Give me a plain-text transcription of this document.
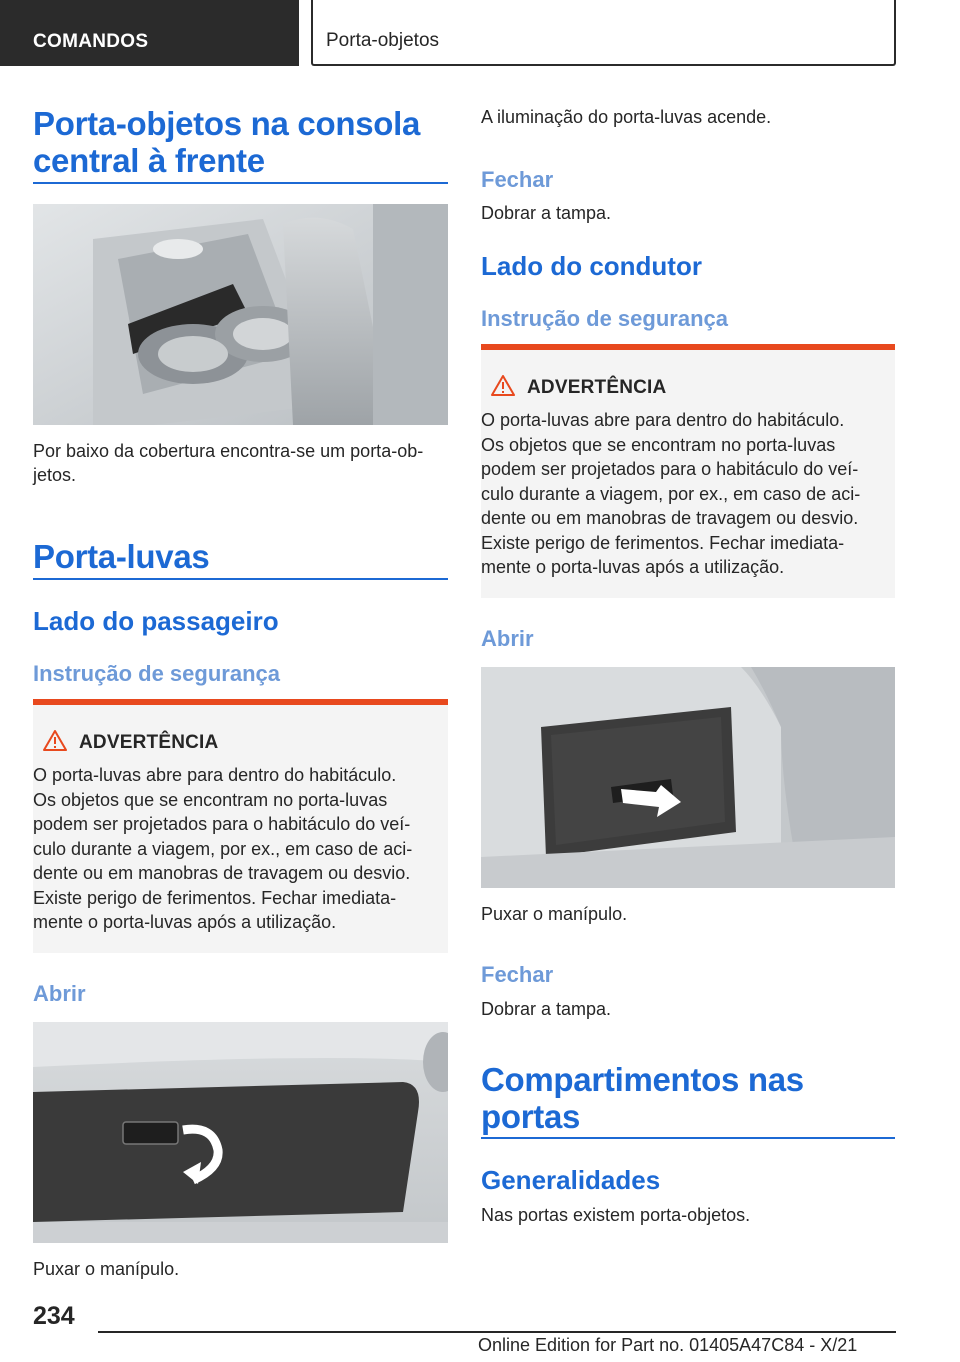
COMANDOS	Porta-objetos
Porta-objetos na consola
central à frente
Por baixo da cobertura encontra-se um porta-ob‐
jetos.
Porta-luvas
Lado do passageiro
Instrução de segurança
ADVERTÊNCIA
O porta-luvas abre para dentro do habitáculo.
Os objetos que se encontram no porta-luvas
podem ser projetados para o habitáculo do veí‐
culo durante a viagem, por ex., em caso de aci‐
dente ou em manobras de travagem ou desvio.
Existe perigo de ferimentos. Fechar imediata‐
mente o porta-luvas após a utilização.
Abrir
Puxar o manípulo.
A iluminação do porta-luvas acende.
Fechar
Dobrar a tampa.
Lado do condutor
Instrução de segurança
ADVERTÊNCIA
O porta-luvas abre para dentro do habitáculo.
Os objetos que se encontram no porta-luvas
podem ser projetados para o habitáculo do veí‐
culo durante a viagem, por ex., em caso de aci‐
dente ou em manobras de travagem ou desvio.
Existe perigo de ferimentos. Fechar imediata‐
mente o porta-luvas após a utilização.
Abrir
Puxar o manípulo.
Fechar
Dobrar a tampa.
Compartimentos nas
portas
Generalidades
Nas portas existem porta-objetos.
234
Online Edition for Part no. 01405A47C84 - X/21
